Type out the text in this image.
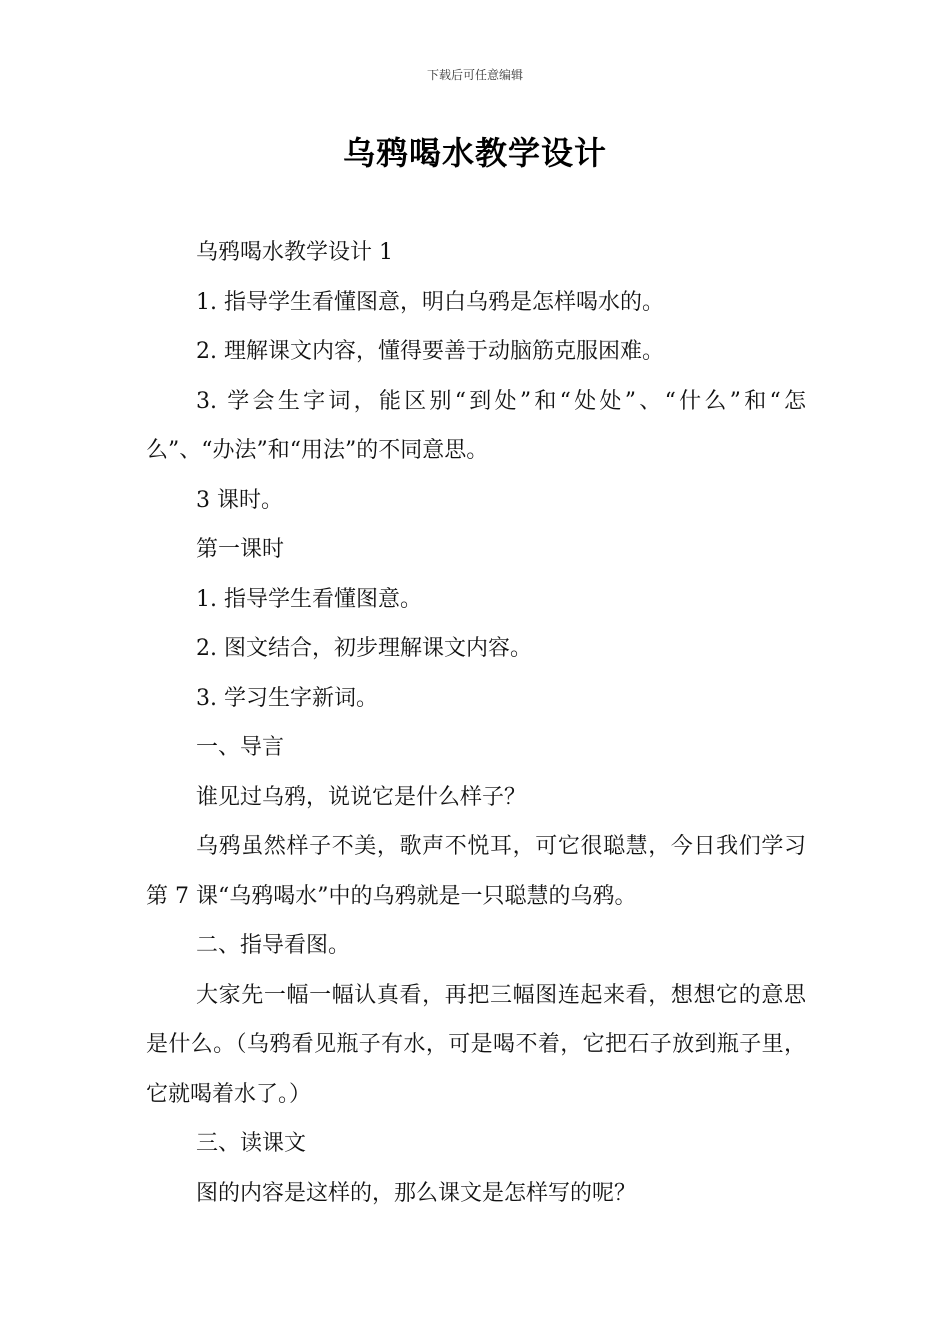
下载后可任意编辑
乌鸦喝水教学设计

乌鸦喝水教学设计 1

1. 指导学生看懂图意，明白乌鸦是怎样喝水的。

2. 理解课文内容，懂得要善于动脑筋克服困难。

3. 学会生字词，能区别“到处”和“处处”、“什么”和“怎么”、“办法”和“用法”的不同意思。

3 课时。

第一课时

1. 指导学生看懂图意。

2. 图文结合，初步理解课文内容。

3. 学习生字新词。

一、导言

谁见过乌鸦，说说它是什么样子？

乌鸦虽然样子不美，歌声不悦耳，可它很聪慧，今日我们学习第 7 课“乌鸦喝水”中的乌鸦就是一只聪慧的乌鸦。

二、指导看图。

大家先一幅一幅认真看，再把三幅图连起来看，想想它的意思是什么。（乌鸦看见瓶子有水，可是喝不着，它把石子放到瓶子里，它就喝着水了。）

三、读课文

图的内容是这样的，那么课文是怎样写的呢？
